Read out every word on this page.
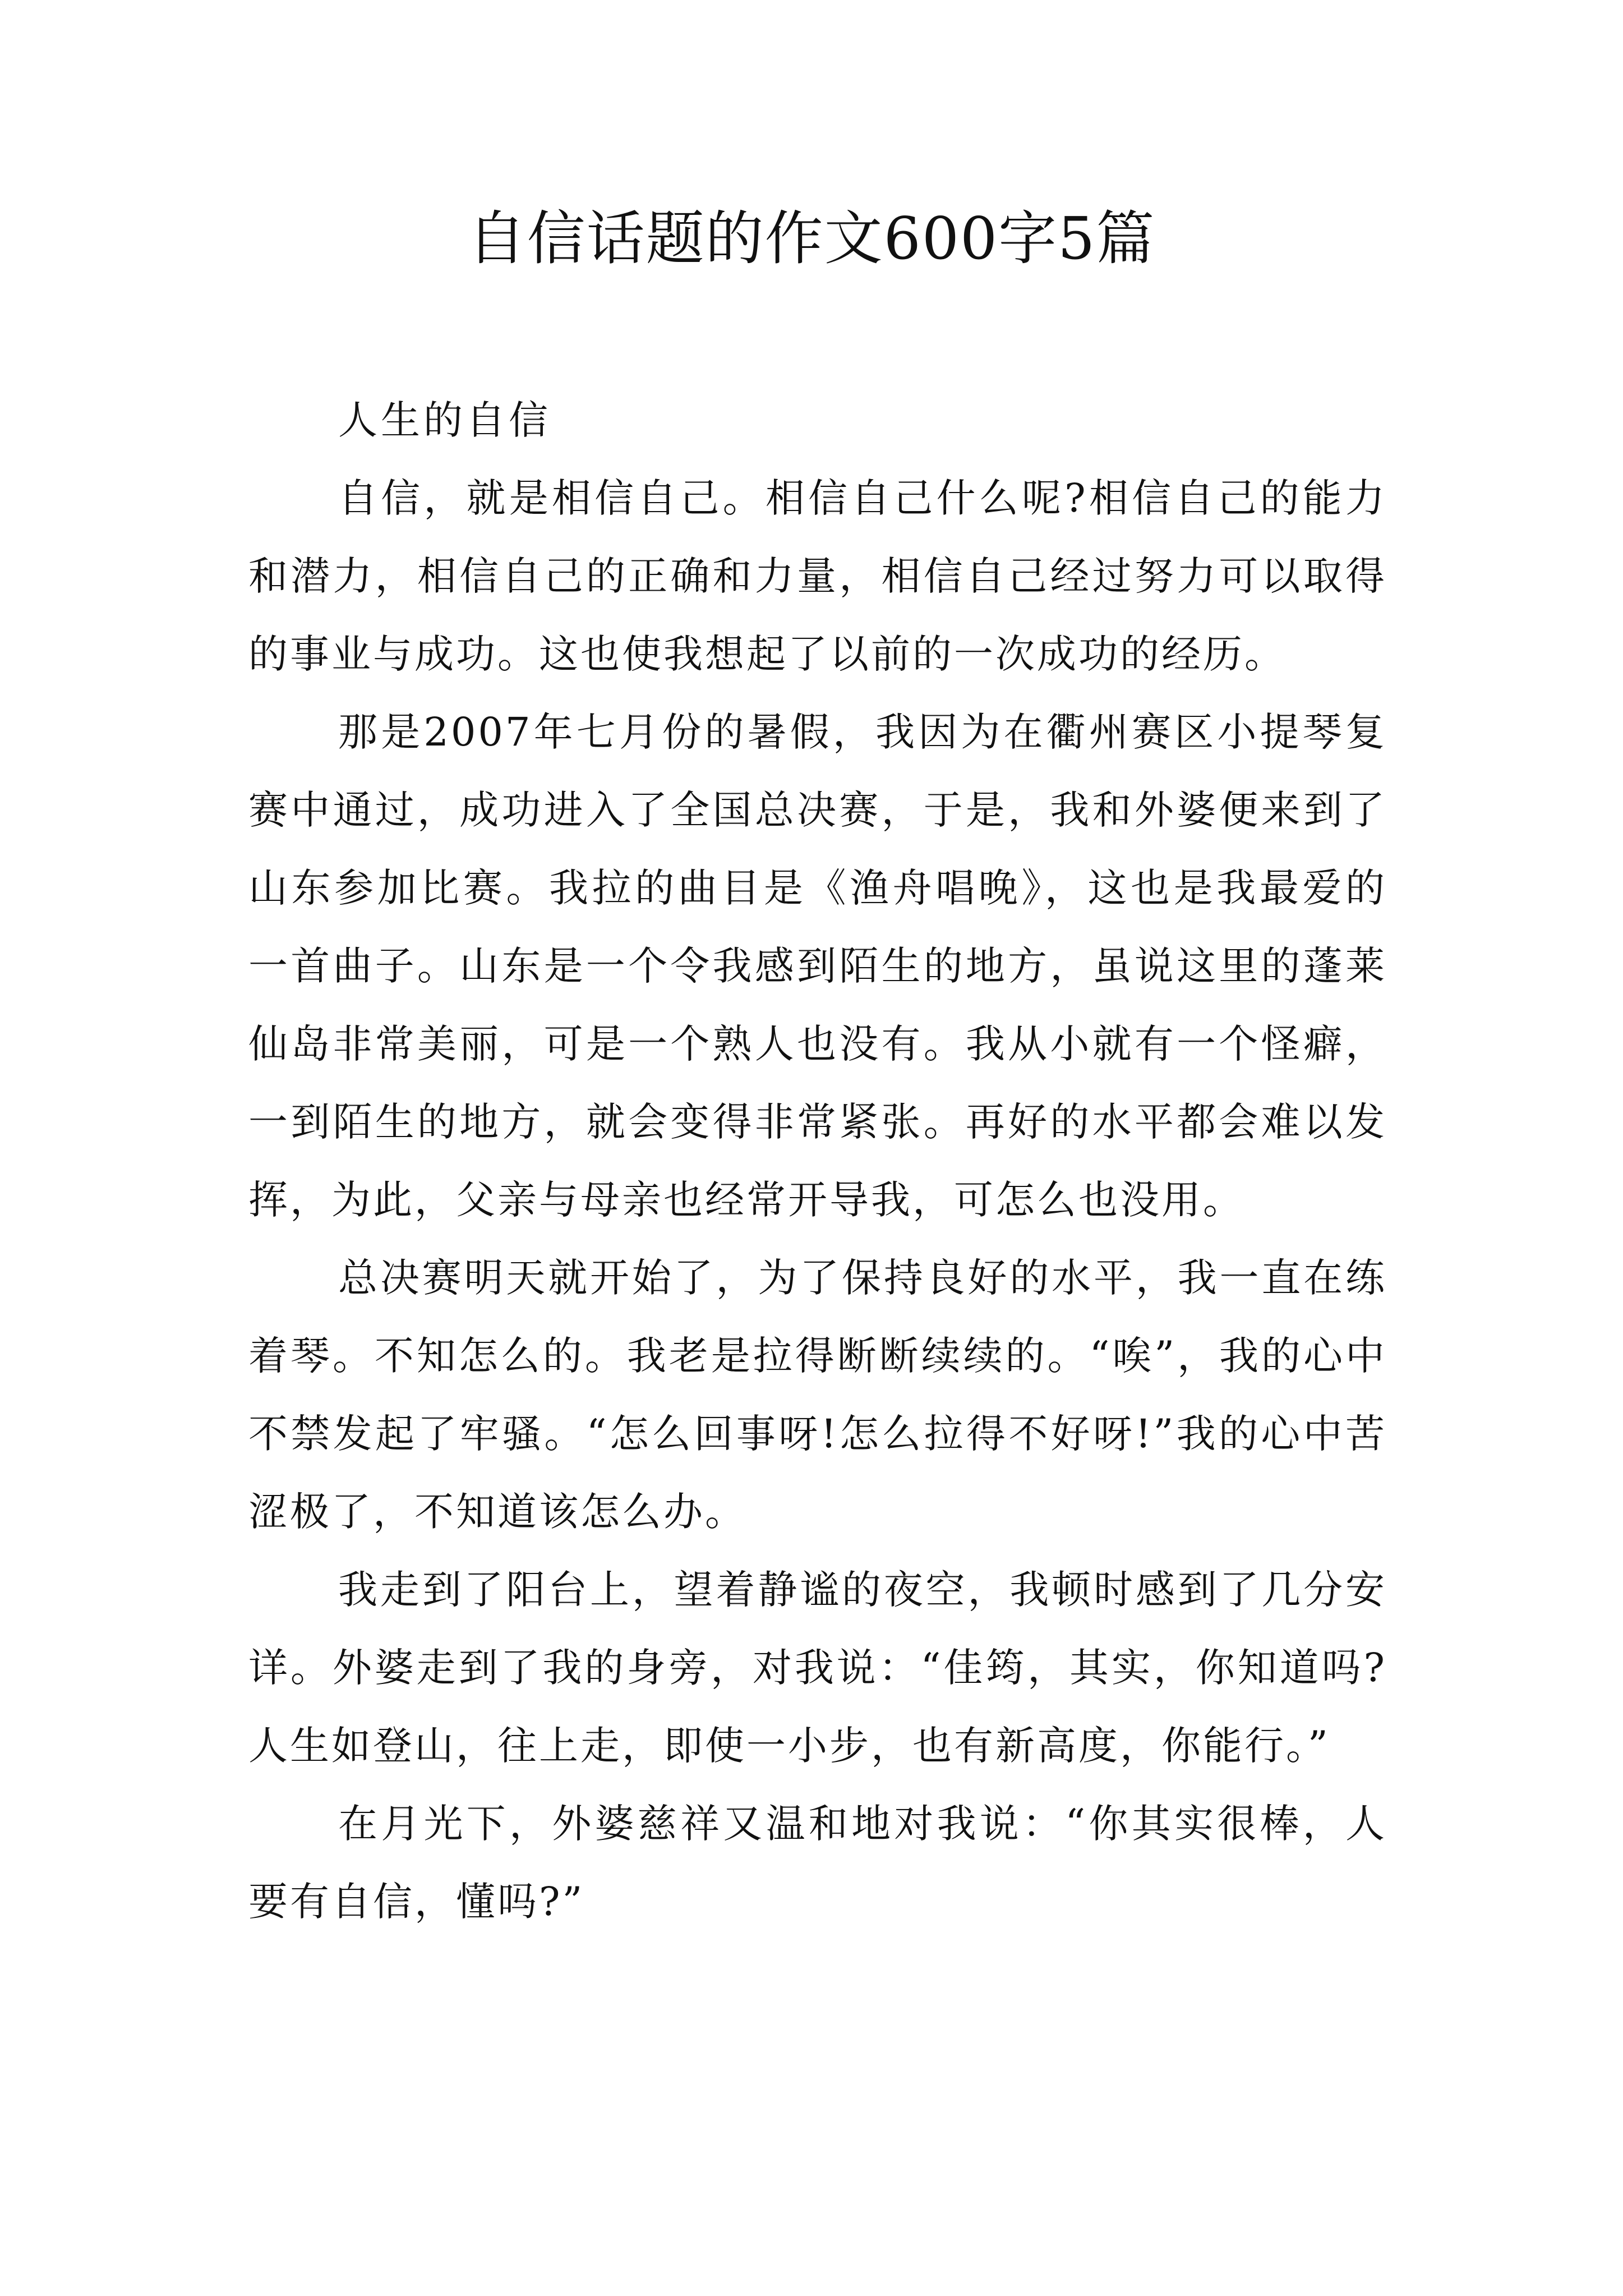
自信话题的作文600字5篇

人生的自信

自信，就是相信自己。相信自己什么呢?相信自己的能力和潜力，相信自己的正确和力量，相信自己经过努力可以取得的事业与成功。这也使我想起了以前的一次成功的经历。

那是2007年七月份的暑假，我因为在衢州赛区小提琴复赛中通过，成功进入了全国总决赛，于是，我和外婆便来到了山东参加比赛。我拉的曲目是《渔舟唱晚》，这也是我最爱的一首曲子。山东是一个令我感到陌生的地方，虽说这里的蓬莱仙岛非常美丽，可是一个熟人也没有。我从小就有一个怪癖，一到陌生的地方，就会变得非常紧张。再好的水平都会难以发挥，为此，父亲与母亲也经常开导我，可怎么也没用。

总决赛明天就开始了，为了保持良好的水平，我一直在练着琴。不知怎么的。我老是拉得断断续续的。“唉”，我的心中不禁发起了牢骚。“怎么回事呀!怎么拉得不好呀!”我的心中苦涩极了，不知道该怎么办。

我走到了阳台上，望着静谧的夜空，我顿时感到了几分安详。外婆走到了我的身旁，对我说：“佳筠，其实，你知道吗?人生如登山，往上走，即使一小步，也有新高度，你能行。”

在月光下，外婆慈祥又温和地对我说：“你其实很棒，人要有自信，懂吗?”
